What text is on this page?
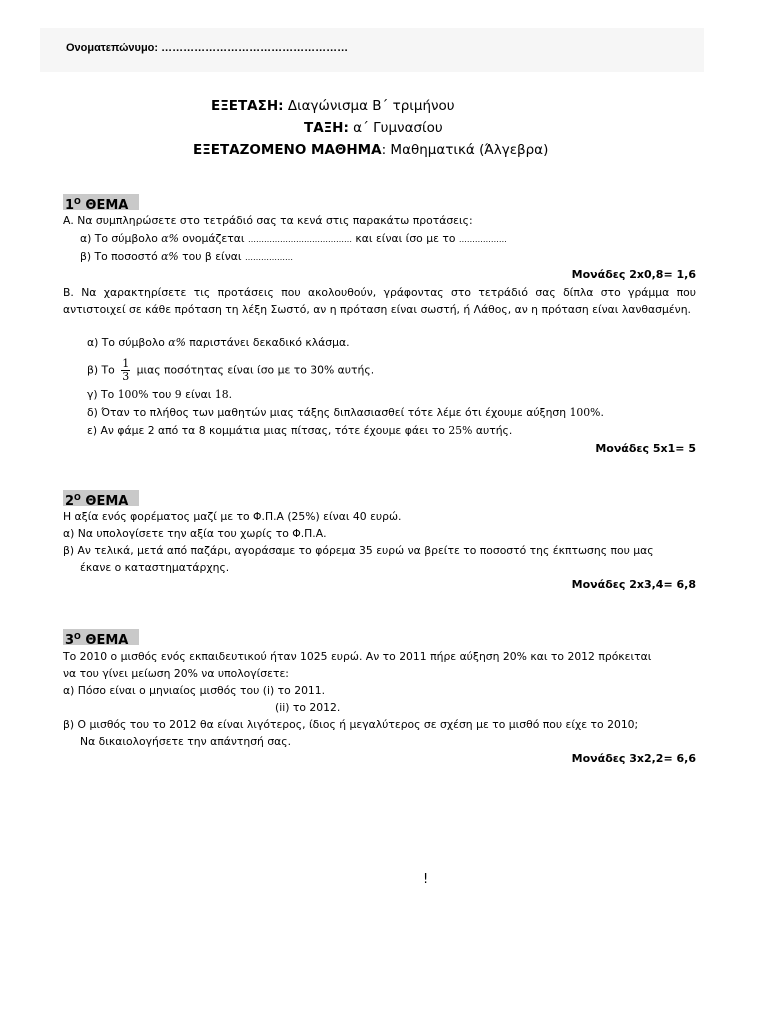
Ονοματεπώνυμο: ……………………………………………
ΕΞΕΤΑΣΗ: Διαγώνισμα Β΄ τριμήνου
ΤΑΞΗ: α΄ Γυμνασίου
ΕΞΕΤΑΖΟΜΕΝΟ ΜΑΘΗΜΑ: Μαθηματικά (Άλγεβρα)
$1^O$ ΘΕΜΑ
Α. Να συμπληρώσετε στο τετράδιό σας τα κενά στις παρακάτω προτάσεις:
α) Το σύμβολο α% ονομάζεται ………………………………… και είναι ίσο με το ………………
β) Το ποσοστό α% του β είναι ………………
Μονάδες 2x0,8= 1,6
Β. Να χαρακτηρίσετε τις προτάσεις που ακολουθούν, γράφοντας στο τετράδιό σας δίπλα στο γράμμα που αντιστοιχεί σε κάθε πρόταση τη λέξη Σωστό, αν η πρόταση είναι σωστή, ή Λάθος, αν η πρόταση είναι λανθασμένη.
α) Το σύμβολο α% παριστάνει δεκαδικό κλάσμα.
β) Το $\frac{1}{3}$ μιας ποσότητας είναι ίσο με το 30% αυτής.
γ) Το 100% του 9 είναι 18.
δ) Όταν το πλήθος των μαθητών μιας τάξης διπλασιασθεί τότε λέμε ότι έχουμε αύξηση 100%.
ε) Αν φάμε 2 από τα 8 κομμάτια μιας πίτσας, τότε έχουμε φάει το 25% αυτής.
Μονάδες 5x1= 5
$2^O$ ΘΕΜΑ
Η αξία ενός φορέματος μαζί με το Φ.Π.Α (25%) είναι 40 ευρώ.
α) Να υπολογίσετε την αξία του χωρίς το Φ.Π.Α.
β) Αν τελικά, μετά από παζάρι, αγοράσαμε το φόρεμα 35 ευρώ να βρείτε το ποσοστό της έκπτωσης που μας
έκανε ο καταστηματάρχης.
Μονάδες 2x3,4= 6,8
$3^O$ ΘΕΜΑ
Το 2010 ο μισθός ενός εκπαιδευτικού ήταν 1025 ευρώ. Αν το 2011 πήρε αύξηση 20% και το 2012 πρόκειται
να του γίνει μείωση 20% να υπολογίσετε:
α) Πόσο είναι ο μηνιαίος μισθός του (i) το 2011.
(ii) το 2012.
β) Ο μισθός του το 2012 θα είναι λιγότερος, ίδιος ή μεγαλύτερος σε σχέση με το μισθό που είχε το 2010;
Να δικαιολογήσετε την απάντησή σας.
Μονάδες 3x2,2= 6,6
!
